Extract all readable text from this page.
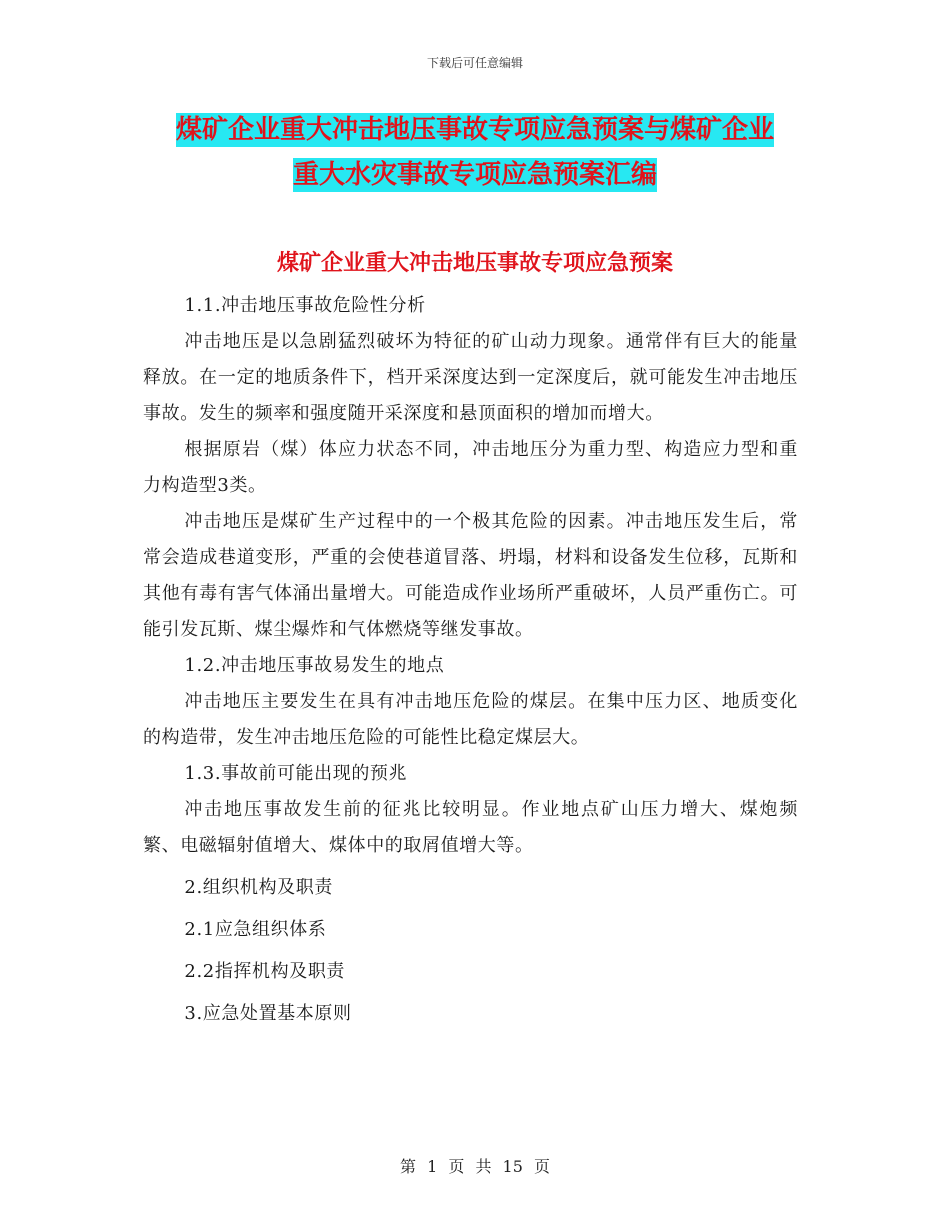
下载后可任意编辑
煤矿企业重大冲击地压事故专项应急预案与煤矿企业
重大水灾事故专项应急预案汇编
煤矿企业重大冲击地压事故专项应急预案

1.1.冲击地压事故危险性分析

冲击地压是以急剧猛烈破坏为特征的矿山动力现象。通常伴有巨大的能量释放。在一定的地质条件下，档开采深度达到一定深度后，就可能发生冲击地压事故。发生的频率和强度随开采深度和悬顶面积的增加而增大。

根据原岩（煤）体应力状态不同，冲击地压分为重力型、构造应力型和重力构造型3类。

冲击地压是煤矿生产过程中的一个极其危险的因素。冲击地压发生后，常常会造成巷道变形，严重的会使巷道冒落、坍塌，材料和设备发生位移，瓦斯和其他有毒有害气体涌出量增大。可能造成作业场所严重破坏，人员严重伤亡。可能引发瓦斯、煤尘爆炸和气体燃烧等继发事故。

1.2.冲击地压事故易发生的地点

冲击地压主要发生在具有冲击地压危险的煤层。在集中压力区、地质变化的构造带，发生冲击地压危险的可能性比稳定煤层大。

1.3.事故前可能出现的预兆

冲击地压事故发生前的征兆比较明显。作业地点矿山压力增大、煤炮频繁、电磁辐射值增大、煤体中的取屑值增大等。

2.组织机构及职责

2.1应急组织体系

2.2指挥机构及职责

3.应急处置基本原则

第 1 页 共 15 页
